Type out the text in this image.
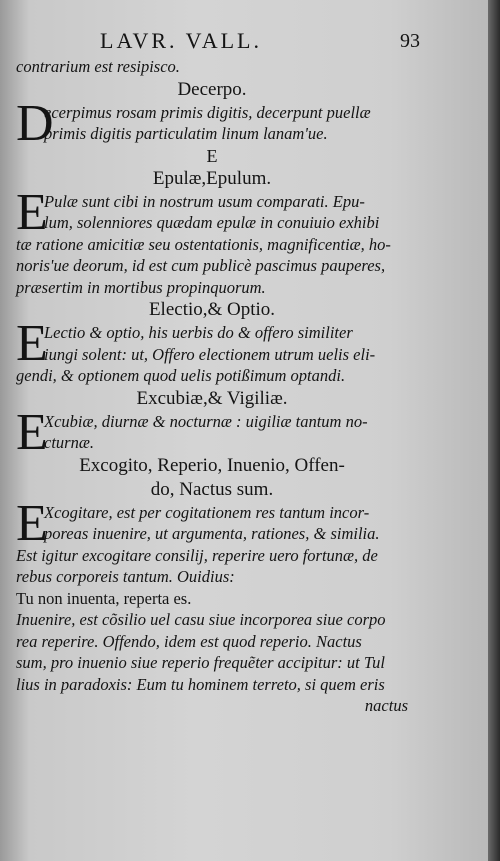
LAVR. VALL.	93
contrarium est resipisco.
Decerpo.
D
ecerpimus rosam primis digitis, decerpunt puellæ
primis digitis particulatim linum lanam'ue.
E
Epulæ,Epulum.
E
Pulæ sunt cibi in nostrum usum comparati. Epu-
lum, solenniores quædam epulæ in conuiuio exhibi
tæ ratione amicitiæ seu ostentationis, magnificentiæ, ho-
noris'ue deorum, id est cum publicè pascimus pauperes,
præsertim in mortibus propinquorum.
Electio,& Optio.
E
Lectio & optio, his uerbis do & offero similiter
iungi solent: ut, Offero electionem utrum uelis eli-
gendi, & optionem quod uelis potißimum optandi.
Excubiæ,& Vigiliæ.
E
Xcubiæ, diurnæ & nocturnæ : uigiliæ tantum no-
cturnæ.
Excogito, Reperio, Inuenio, Offen-
do, Nactus sum.
E
Xcogitare, est per cogitationem res tantum incor-
poreas inuenire, ut argumenta, rationes, & similia.
Est igitur excogitare consilij, reperire uero fortunæ, de
rebus corporeis tantum. Ouidius:
Tu non inuenta, reperta es.
Inuenire, est cõsilio uel casu siue incorporea siue corpo
rea reperire. Offendo, idem est quod reperio. Nactus
sum, pro inuenio siue reperio frequẽter accipitur: ut Tul
lius in paradoxis: Eum tu hominem terreto, si quem eris
nactus
